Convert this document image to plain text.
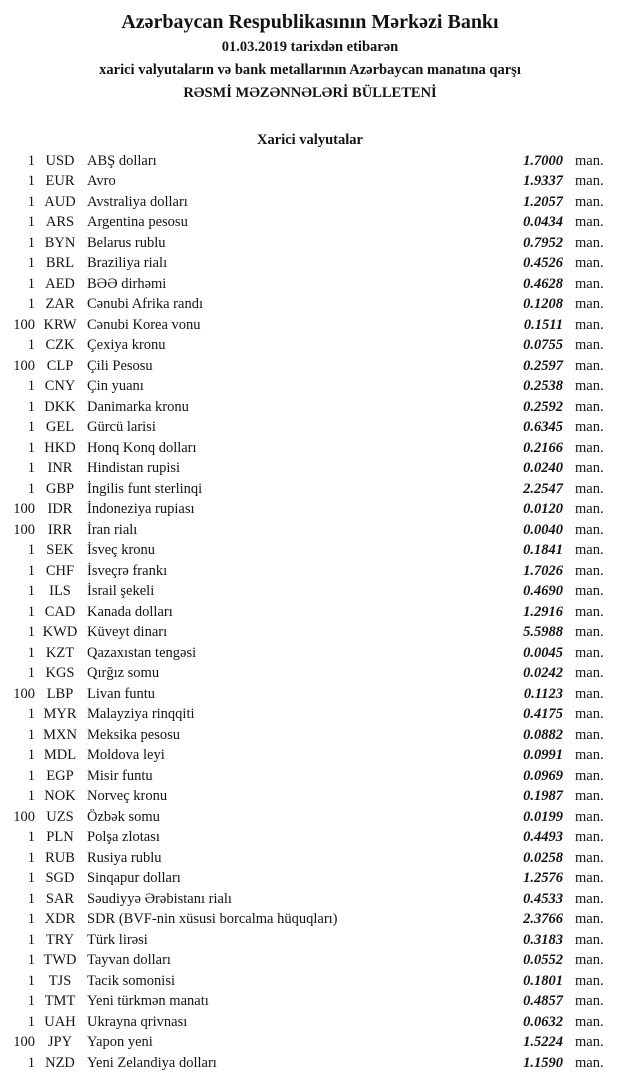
Azərbaycan Respublikasının Mərkəzi Bankı
01.03.2019 tarixdən etibarən
xarici valyutaların və bank metallarının Azərbaycan manatına qarşı
RƏSMİ MƏZƏNNƏLƏRİ BÜLLETENİ
Xarici valyutalar
1 USD ABŞ dolları	1.7000 man.
1 EUR Avro	1.9337 man.
1 AUD Avstraliya dolları	1.2057 man.
1 ARS Argentina pesosu	0.0434 man.
1 BYN Belarus rublu	0.7952 man.
1 BRL Braziliya rialı	0.4526 man.
1 AED BƏƏ dirhəmi	0.4628 man.
1 ZAR Cənubi Afrika randı	0.1208 man.
100 KRW Cənubi Korea vonu	0.1511 man.
1 CZK Çexiya kronu	0.0755 man.
100 CLP Çili Pesosu	0.2597 man.
1 CNY Çin yuanı	0.2538 man.
1 DKK Danimarka kronu	0.2592 man.
1 GEL Gürcü larisi	0.6345 man.
1 HKD Honq Konq dolları	0.2166 man.
1 INR	Hindistan rupisi	0.0240 man.
1 GBP İngilis funt sterlinqi	2.2547 man.
100 IDR	İndoneziya rupiası	0.0120 man.
100 IRR	İran rialı	0.0040 man.
1 SEK İsveç kronu	0.1841 man.
1 CHF İsveçrə frankı	1.7026 man.
1 ILS	İsrail şekeli	0.4690 man.
1 CAD Kanada dolları	1.2916 man.
1 KWD Küveyt dinarı	5.5988 man.
1 KZT Qazaxıstan tengəsi	0.0045 man.
1 KGS Qırğız somu	0.0242 man.
100 LBP Livan funtu	0.1123 man.
1 MYR Malayziya rinqqiti	0.4175 man.
1 MXN Meksika pesosu	0.0882 man.
1 MDL Moldova leyi	0.0991 man.
1 EGP Misir funtu	0.0969 man.
1 NOK Norveç kronu	0.1987 man.
100 UZS Özbək somu	0.0199 man.
1 PLN Polşa zlotası	0.4493 man.
1 RUB Rusiya rublu	0.0258 man.
1 SGD Sinqapur dolları	1.2576 man.
1 SAR Səudiyyə Ərəbistanı rialı	0.4533 man.
1 XDR SDR (BVF-nin xüsusi borcalma hüquqları)	2.3766 man.
1 TRY Türk lirəsi	0.3183 man.
1 TWD Tayvan dolları	0.0552 man.
1 TJS	Tacik somonisi	0.1801 man.
1 TMT Yeni türkmən manatı	0.4857 man.
1 UAH Ukrayna qrivnası	0.0632 man.
100 JPY	Yapon yeni	1.5224 man.
1 NZD Yeni Zelandiya dolları	1.1590 man.
